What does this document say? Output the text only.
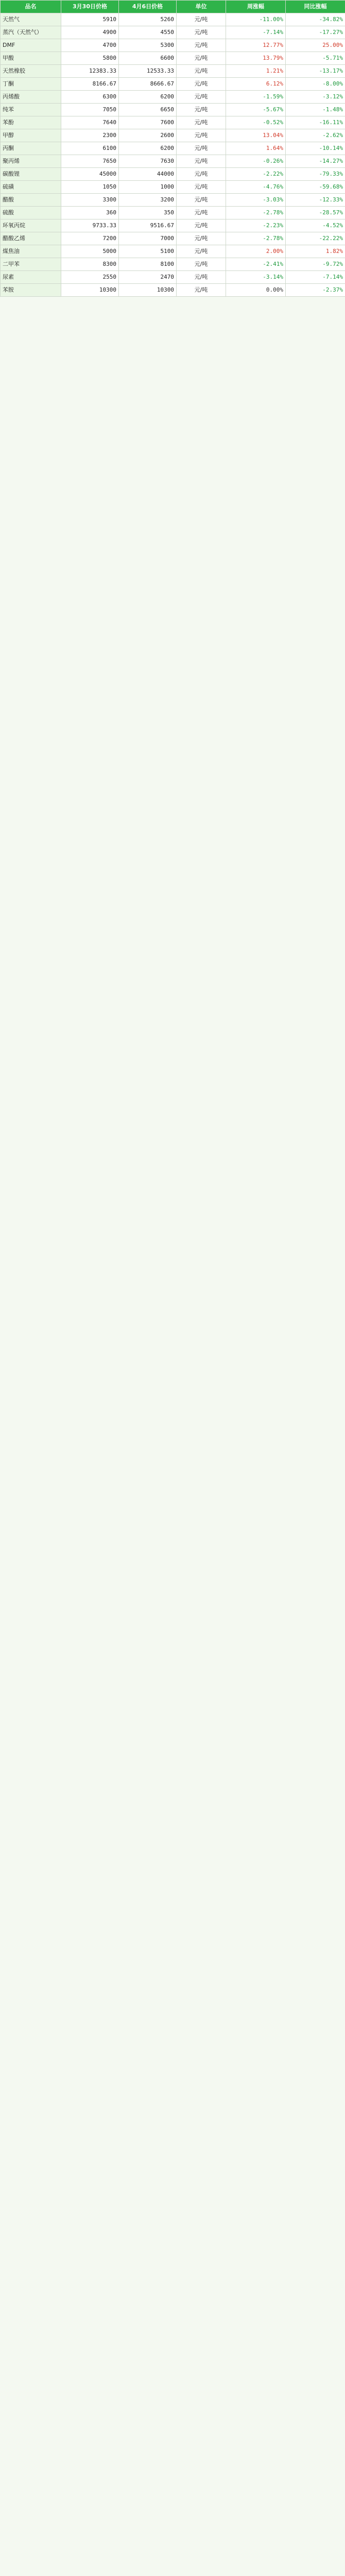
品名	3月30日价格	4月6日价格	单位	周涨幅	同比涨幅
天然气	5910	5260	元/吨	-11.00%	-34.82%
蒸汽（天然气）	4900	4550	元/吨	-7.14%	-17.27%
DMF	4700	5300	元/吨	12.77%	25.00%
甲酸	5800	6600	元/吨	13.79%	-5.71%
天然橡胶	12383.33	12533.33	元/吨	1.21%	-13.17%
丁酮	8166.67	8666.67	元/吨	6.12%	-8.00%
丙烯酸	6300	6200	元/吨	-1.59%	-3.12%
纯苯	7050	6650	元/吨	-5.67%	-1.48%
苯酚	7640	7600	元/吨	-0.52%	-16.11%
甲醇	2300	2600	元/吨	13.04%	-2.62%
丙酮	6100	6200	元/吨	1.64%	-10.14%
聚丙烯	7650	7630	元/吨	-0.26%	-14.27%
碳酸锂	45000	44000	元/吨	-2.22%	-79.33%
硫磺	1050	1000	元/吨	-4.76%	-59.68%
醋酸	3300	3200	元/吨	-3.03%	-12.33%
硫酸	360	350	元/吨	-2.78%	-28.57%
环氧丙烷	9733.33	9516.67	元/吨	-2.23%	-4.52%
醋酸乙烯	7200	7000	元/吨	-2.78%	-22.22%
煤焦油	5000	5100	元/吨	2.00%	1.82%
二甲苯	8300	8100	元/吨	-2.41%	-9.72%
尿素	2550	2470	元/吨	-3.14%	-7.14%
苯胺	10300	10300	元/吨	0.00%	-2.37%
